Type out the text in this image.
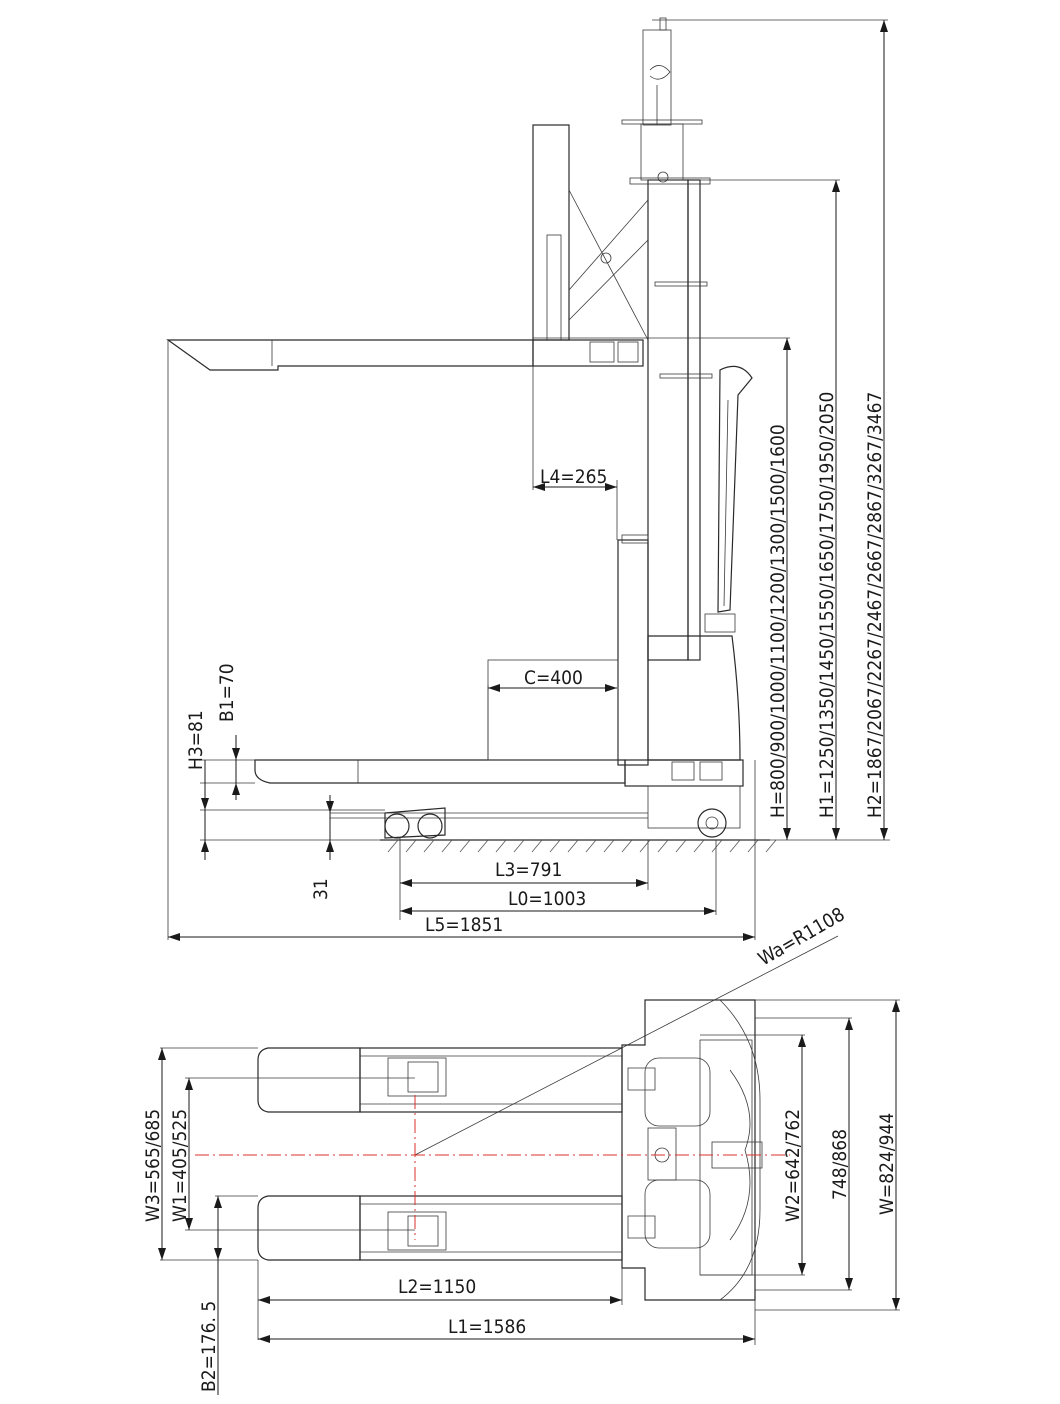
H=800/900/1000/1100/1200/1300/1500/1600 H1=1250/1350/1450/1550/1650/1750/1950/2050 H2=1867/2067/2267/2467/2667/2867/3267/3467
L4=265
C=400
B1=70
H3=81
31
L3=791
L0=1003
L5=1851	Wa=R1108
W3=565/685 W1=405/525
B2=176. 5
W2=642/762 748/868 W=824/944
L2=1150
L1=1586
